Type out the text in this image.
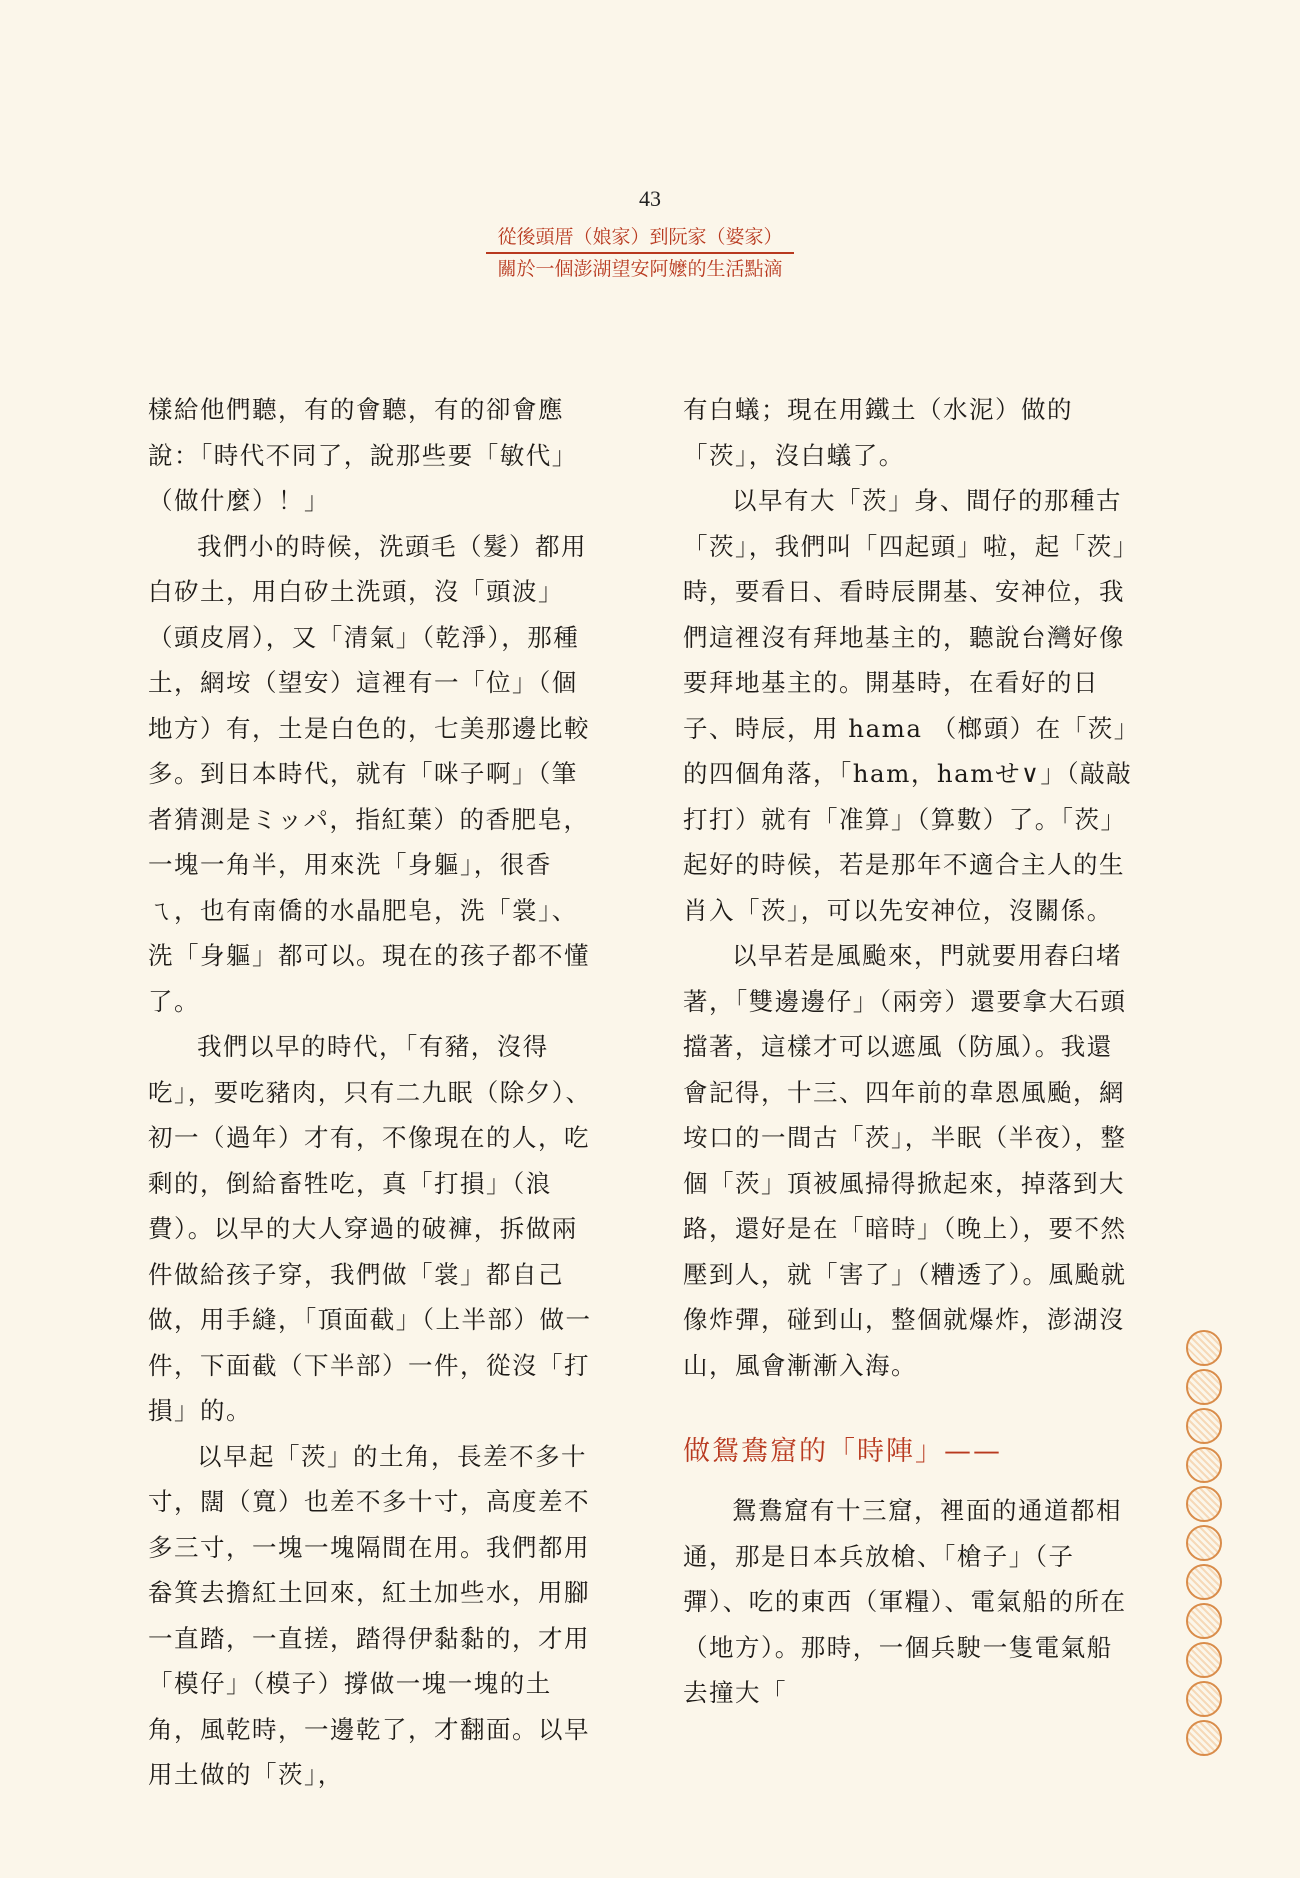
43
從後頭厝（娘家）到阮家（婆家）
關於一個澎湖望安阿嬤的生活點滴

樣給他們聽，有的會聽，有的卻會應說：「時代不同了，說那些要「敏代」（做什麼）！」

我們小的時候，洗頭毛（髮）都用白矽土，用白矽土洗頭，沒「頭波」（頭皮屑），又「清氣」（乾淨），那種土，網垵（望安）這裡有一「位」（個地方）有，土是白色的，七美那邊比較多。到日本時代，就有「咪子啊」（筆者猜測是ミッパ，指紅葉）的香肥皂，一塊一角半，用來洗「身軀」，很香ㄟ，也有南僑的水晶肥皂，洗「裳」、洗「身軀」都可以。現在的孩子都不懂了。

我們以早的時代，「有豬，沒得吃」，要吃豬肉，只有二九眠（除夕）、初一（過年）才有，不像現在的人，吃剩的，倒給畜牲吃，真「打損」（浪費）。以早的大人穿過的破褲，拆做兩件做給孩子穿，我們做「裳」都自己做，用手縫，「頂面截」（上半部）做一件，下面截（下半部）一件，從沒「打損」的。

以早起「茨」的土角，長差不多十寸，闊（寬）也差不多十寸，高度差不多三寸，一塊一塊隔間在用。我們都用畚箕去擔紅土回來，紅土加些水，用腳一直踏，一直搓，踏得伊黏黏的，才用「模仔」（模子）撐做一塊一塊的土角，風乾時，一邊乾了，才翻面。以早用土做的「茨」，

有白蟻；現在用鐵土（水泥）做的「茨」，沒白蟻了。

以早有大「茨」身、間仔的那種古「茨」，我們叫「四起頭」啦，起「茨」時，要看日、看時辰開基、安神位，我們這裡沒有拜地基主的，聽說台灣好像要拜地基主的。開基時，在看好的日子、時辰，用 hama （榔頭）在「茨」的四個角落，「ham，hamせ∨」（敲敲打打）就有「准算」（算數）了。「茨」起好的時候，若是那年不適合主人的生肖入「茨」，可以先安神位，沒關係。

以早若是風颱來，門就要用舂臼堵著，「雙邊邊仔」（兩旁）還要拿大石頭擋著，這樣才可以遮風（防風）。我還會記得，十三、四年前的韋恩風颱，網垵口的一間古「茨」，半眠（半夜），整個「茨」頂被風掃得掀起來，掉落到大路，還好是在「暗時」（晚上），要不然壓到人，就「害了」（糟透了）。風颱就像炸彈，碰到山，整個就爆炸，澎湖沒山，風會漸漸入海。

做鴛鴦窟的「時陣」——

鴛鴦窟有十三窟，裡面的通道都相通，那是日本兵放槍、「槍子」（子彈）、吃的東西（軍糧）、電氣船的所在（地方）。那時，一個兵駛一隻電氣船去撞大「
